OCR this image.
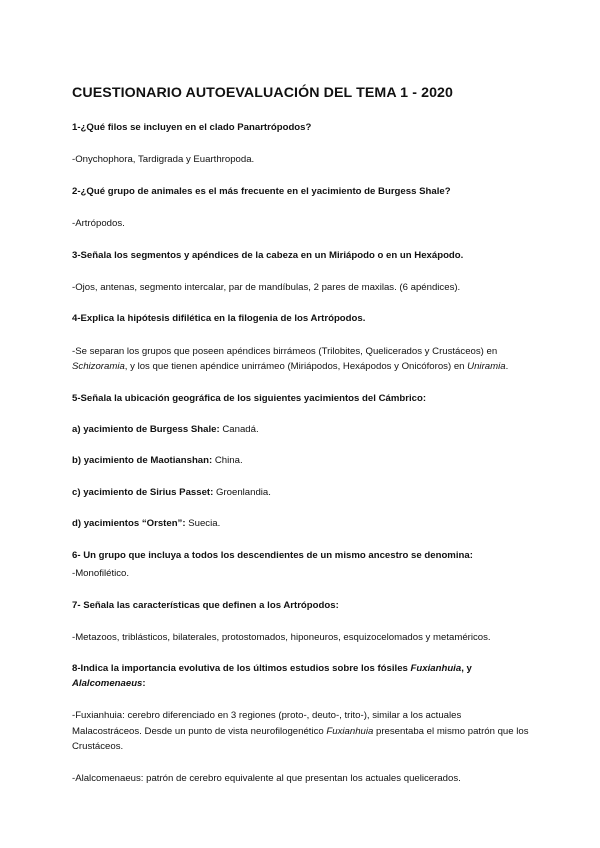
CUESTIONARIO AUTOEVALUACIÓN DEL TEMA 1 - 2020
1-¿Qué filos se incluyen en el clado Panartrópodos?
-Onychophora, Tardigrada y Euarthropoda.
2-¿Qué grupo de animales es el más frecuente en el yacimiento de Burgess Shale?
-Artrópodos.
3-Señala los segmentos y apéndices de la cabeza en un Miriápodo o en un Hexápodo.
-Ojos, antenas, segmento intercalar, par de mandíbulas, 2 pares de maxilas. (6 apéndices).
4-Explica la hipótesis difilética en la filogenia de los Artrópodos.
-Se separan los grupos que poseen apéndices birrámeos (Trilobites, Quelicerados y Crustáceos) en Schizoramia, y los que tienen apéndice unirrámeo (Miriápodos, Hexápodos y Onicóforos) en Uniramia.
5-Señala la ubicación geográfica de los siguientes yacimientos del Cámbrico:
a) yacimiento de Burgess Shale: Canadá.
b) yacimiento de Maotianshan: China.
c) yacimiento de Sirius Passet: Groenlandia.
d) yacimientos “Orsten”: Suecia.
6- Un grupo que incluya a todos los descendientes de un mismo ancestro se denomina:
-Monofilético.
7- Señala las características que definen a los Artrópodos:
-Metazoos, triblásticos, bilaterales, protostomados, hiponeuros, esquizocelomados y metaméricos.
8-Indica la importancia evolutiva de los últimos estudios sobre los fósiles Fuxianhuia, y Alalcomenaeus:
-Fuxianhuia: cerebro diferenciado en 3 regiones (proto-, deuto-, trito-), similar a los actuales Malacostráceos. Desde un punto de vista neurofilogenético Fuxianhuia presentaba el mismo patrón que los Crustáceos.
-Alalcomenaeus: patrón de cerebro equivalente al que presentan los actuales quelicerados.
